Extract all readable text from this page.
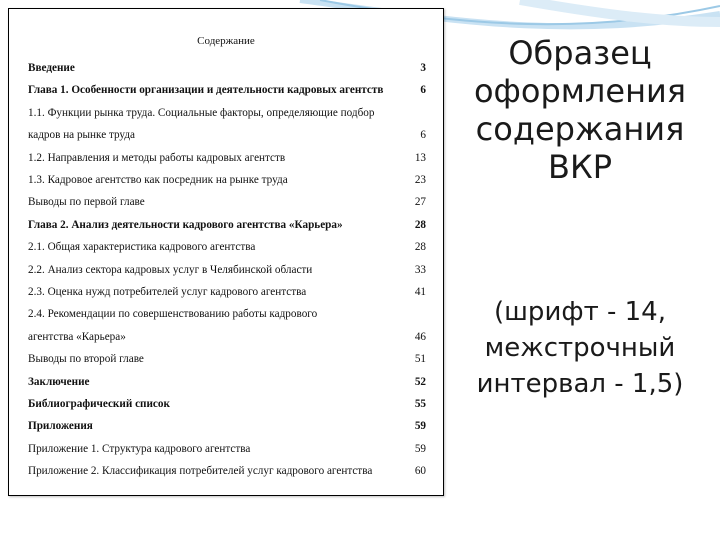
Содержание
Введение	3
Глава 1. Особенности организации и деятельности кадровых агентств	6
1.1. Функции рынка труда. Социальные факторы, определяющие подбор
кадров на рынке труда	6
1.2. Направления и методы работы кадровых агентств	13
1.3. Кадровое агентство как посредник на рынке труда	23
Выводы по первой главе	27
Глава 2. Анализ деятельности кадрового агентства «Карьера»	28
2.1. Общая характеристика кадрового агентства	28
2.2. Анализ сектора кадровых услуг в Челябинской области	33
2.3. Оценка нужд потребителей услуг кадрового агентства	41
2.4. Рекомендации по совершенствованию работы кадрового
агентства «Карьера»	46
Выводы по второй главе	51
Заключение	52
Библиографический список	55
Приложения	59
Приложение 1. Структура кадрового агентства	59
Приложение 2. Классификация потребителей услуг кадрового агентства	60
Образец
оформления
содержания
ВКР
(шрифт - 14,
межстрочный
интервал - 1,5)
